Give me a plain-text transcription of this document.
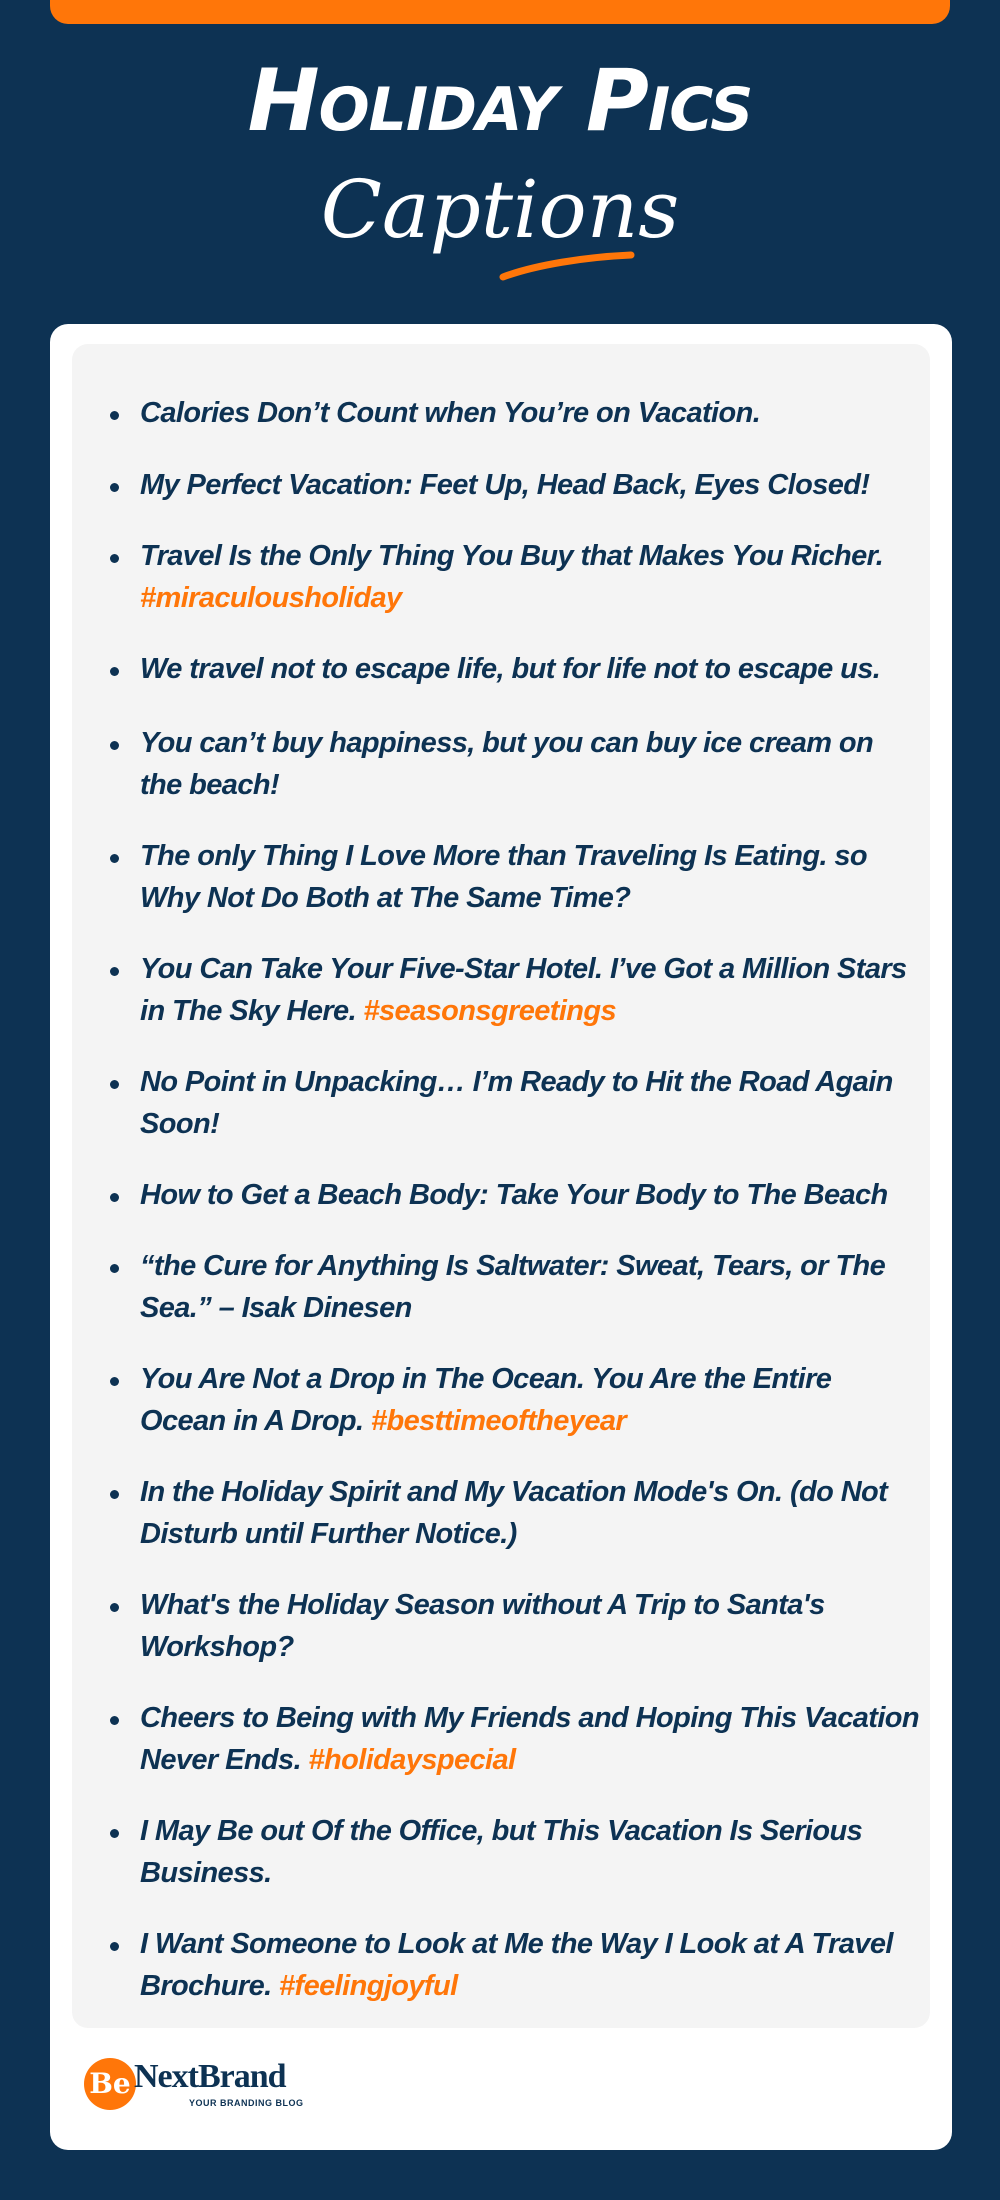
Holiday Pics
Captions
Calories Don’t Count when You’re on Vacation.
My Perfect Vacation: Feet Up, Head Back, Eyes Closed!
Travel Is the Only Thing You Buy that Makes You Richer. #miraculousholiday
We travel not to escape life, but for life not to escape us.
You can’t buy happiness, but you can buy ice cream on the beach!
The only Thing I Love More than Traveling Is Eating. so Why Not Do Both at The Same Time?
You Can Take Your Five-Star Hotel. I’ve Got a Million Stars in The Sky Here. #seasonsgreetings
No Point in Unpacking… I’m Ready to Hit the Road Again Soon!
How to Get a Beach Body: Take Your Body to The Beach
“the Cure for Anything Is Saltwater: Sweat, Tears, or The Sea.” – Isak Dinesen
You Are Not a Drop in The Ocean. You Are the Entire Ocean in A Drop. #besttimeoftheyear
In the Holiday Spirit and My Vacation Mode's On. (do Not Disturb until Further Notice.)
What's the Holiday Season without A Trip to Santa's Workshop?
Cheers to Being with My Friends and Hoping This Vacation Never Ends. #holidayspecial
I May Be out Of the Office, but This Vacation Is Serious Business.
I Want Someone to Look at Me the Way I Look at A Travel Brochure. #feelingjoyful
Be NextBrand
YOUR BRANDING BLOG
